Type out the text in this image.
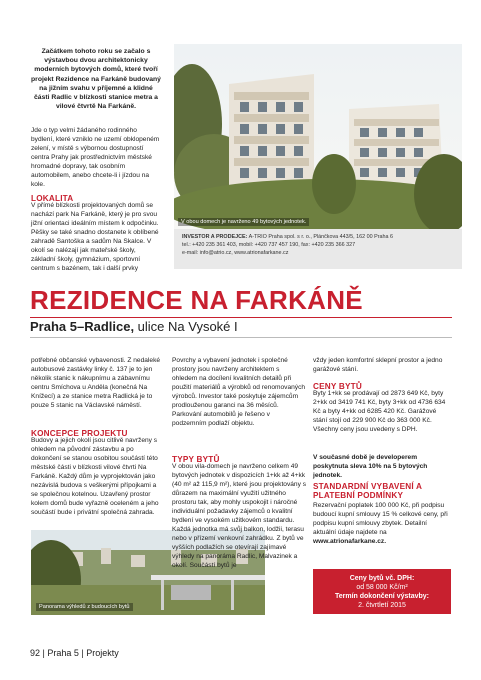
Začátkem tohoto roku se začalo s výstavbou dvou architektonicky moderních bytových domů, které tvoří projekt Rezidence na Farkáně budovaný na jižním svahu v příjemné a klidné části Radlic v blízkosti stanice metra a vilové čtvrtě Na Farkáně.
Jde o typ velmi žádaného rodinného bydlení, které vzniklo ne uzemí obklopeném zelení, v místě s výbornou dostupností centra Prahy jak prostřednictvím městské hromadné dopravy, tak osobním automobilem, anebo chcete-li i jízdou na kole.
LOKALITA
V přímé blízkosti projektovaných domů se nachází park Na Farkáně, který je pro svou jižní orientaci ideálním místem k odpočinku. Pěšky se také snadno dostanete k oblíbené zahradě Santoška a sadům Na Skalce. V okolí se nalézají jak mateřské školy, základní školy, gymnázium, sportovní centrum s bazénem, tak i další prvky
V obou domech je navrženo 49 bytových jednotek.
INVESTOR A PRODEJCE: A-TRIO Praha spol. s r. o., Plánčkova 443/5, 162 00 Praha 6
tel.: +420 235 361 403, mobil: +420 737 457 190, fax: +420 235 366 327
e-mail: info@atrio.cz, www.atrionafarkane.cz
REZIDENCE NA FARKÁNĚ
Praha 5–Radlice, ulice Na Vysoké I
potřebné občanské vybavenosti. Z nedaleké autobusové zastávky linky č. 137 je to jen několik stanic k nákupnímu a zábavnímu centru Smíchova u Anděla (konečná Na Knížecí) a ze stanice metra Radlická je to pouze 5 stanic na Václavské náměstí.
KONCEPCE PROJEKTU
Budovy a jejich okolí jsou citlivě navrženy s ohledem na původní zástavbu a po dokončení se stanou osobitou součástí této městské části v blízkosti vilové čtvrti Na Farkáně. Každý dům je vyprojektován jako nezávislá budova s veškerými přípojkami a se společnou kotelnou. Uzavřený prostor kolem domů bude vyřazně oceleném a jeho součástí bude i privátní společná zahrada.
Panorama výhledů z budoucích bytů
Povrchy a vybavení jednotek i společné prostory jsou navrženy architektem s ohledem na docílení kvalitních detailů při použití materiálů a výrobků od renomovaných výrobců. Investor také poskytuje zájemcům prodlouženou garanci na 36 měsíců. Parkování automobilů je řešeno v podzemním podlaží objektu.
TYPY BYTŮ
V obou vila-domech je navrženo celkem 49 bytových jednotek v dispozicích 1+kk až 4+kk (40 m² až 115,9 m²), které jsou projektovány s důrazem na maximální využití užitného prostoru tak, aby mohly uspokojit i náročné individuální požadavky zájemců o kvalitní bydlení ve vysokém užitkovém standardu. Každá jednotka má svůj balkon, lodžii, terasu nebo v přízemí venkovní zahrádku. Z bytů ve vyšších podlažích se otevírají zajímavé výhledy na panoráma Radlic, Malvazinek a okolí. Součástí bytů je
vždy jeden komfortní sklepní prostor a jedno garážové stání.
CENY BYTŮ
Byty 1+kk se prodávají od 2873 649 Kč, byty 2+kk od 3419 741 Kč, byty 3+kk od 4736 634 Kč a byty 4+kk od 6285 420 Kč. Garážové stání stojí od 229 900 Kč do 363 000 Kč. Všechny ceny jsou uvedeny s DPH.
V současné době je developerem poskytnuta sleva 10% na 5 bytových jednotek.
STANDARDNÍ VYBAVENÍ A PLATEBNÍ PODMÍNKY
Rezervační poplatek 100 000 Kč, při podpisu budoucí kupní smlouvy 15 % celkové ceny, při podpisu kupní smlouvy zbytek. Detailní aktuální údaje najdete na www.atrionafarkane.cz.
Ceny bytů vč. DPH:
od 58 000 Kč/m²
Termín dokončení výstavby:
2. čtvrtletí 2015
92 | Praha 5 | Projekty
